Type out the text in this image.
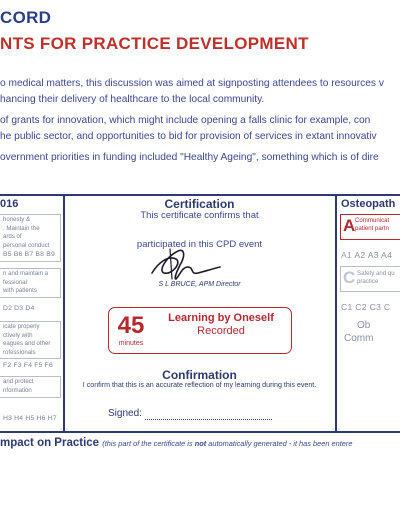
CORD
NTS FOR PRACTICE DEVELOPMENT
o medical matters, this discussion was aimed at signposting attendees to resources v
hancing their delivery of healthcare to the local community.
of grants for innovation, which might include opening a falls clinic for example, con
he public sector, and opportunities to bid for provision of services in extant innovativ
overnment priorities in funding included "Healthy Ageing", something which is of dire
016
honesty &
. Maintain the
ards of
personal conduct
B5 B6 B7 B8 B9
n and maintain a
fessional
with patients
D2 D3 D4
icate properly
ctively with
eagues and other
rofessionals
F2 F3 F4 F5 F6
and protect
nformation
H3 H4 H5 H6 H7
Certification
This certificate confirms that
participated in this CPD event
S L BRUCE, APM Director
45
minutes
Learning by Oneself
Recorded
Confirmation
I confirm that this is an accurate reflection of my learning during this event.
Signed:
Osteopath
A Communicat
patient partn
A1 A2 A3 A4
C Safety and qu
practice
C1 C2 C3 C
Ob
Comm
mpact on Practice (this part of the certificate is not automatically generated - it has been entere
